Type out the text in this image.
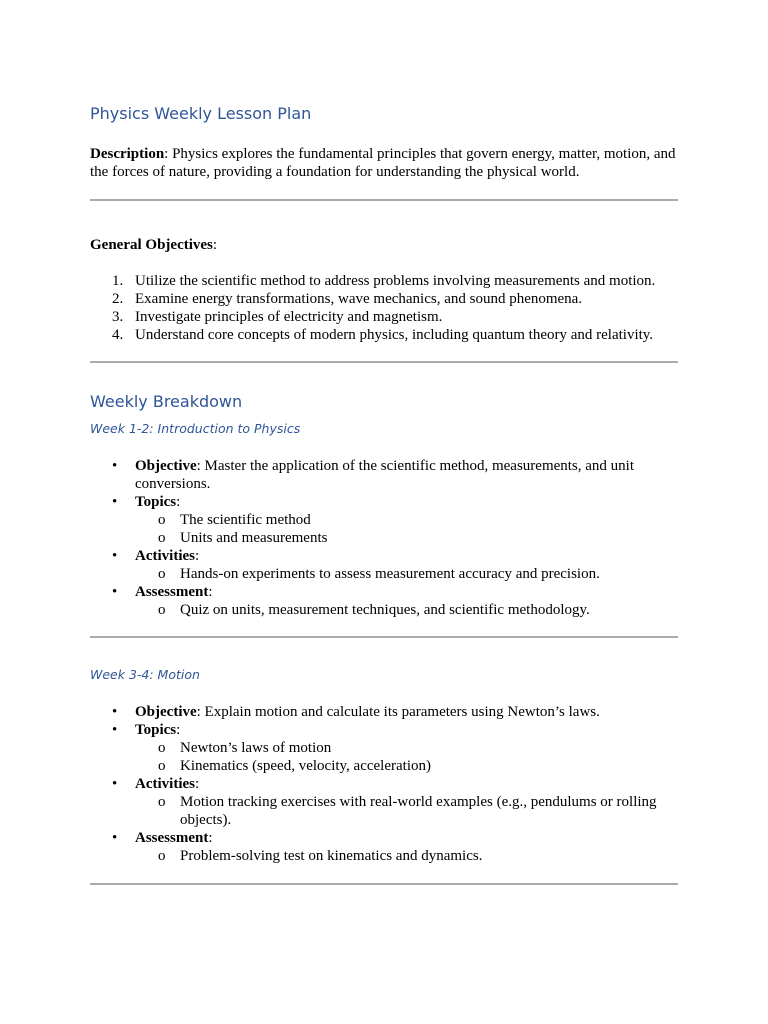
Physics Weekly Lesson Plan
Description: Physics explores the fundamental principles that govern energy, matter, motion, and the forces of nature, providing a foundation for understanding the physical world.
General Objectives:
1. Utilize the scientific method to address problems involving measurements and motion.
2. Examine energy transformations, wave mechanics, and sound phenomena.
3. Investigate principles of electricity and magnetism.
4. Understand core concepts of modern physics, including quantum theory and relativity.
Weekly Breakdown
Week 1-2: Introduction to Physics
• Objective: Master the application of the scientific method, measurements, and unit conversions.
• Topics:
o The scientific method
o Units and measurements
• Activities:
o Hands-on experiments to assess measurement accuracy and precision.
• Assessment:
o Quiz on units, measurement techniques, and scientific methodology.
Week 3-4: Motion
• Objective: Explain motion and calculate its parameters using Newton’s laws.
• Topics:
o Newton’s laws of motion
o Kinematics (speed, velocity, acceleration)
• Activities:
o Motion tracking exercises with real-world examples (e.g., pendulums or rolling objects).
• Assessment:
o Problem-solving test on kinematics and dynamics.
